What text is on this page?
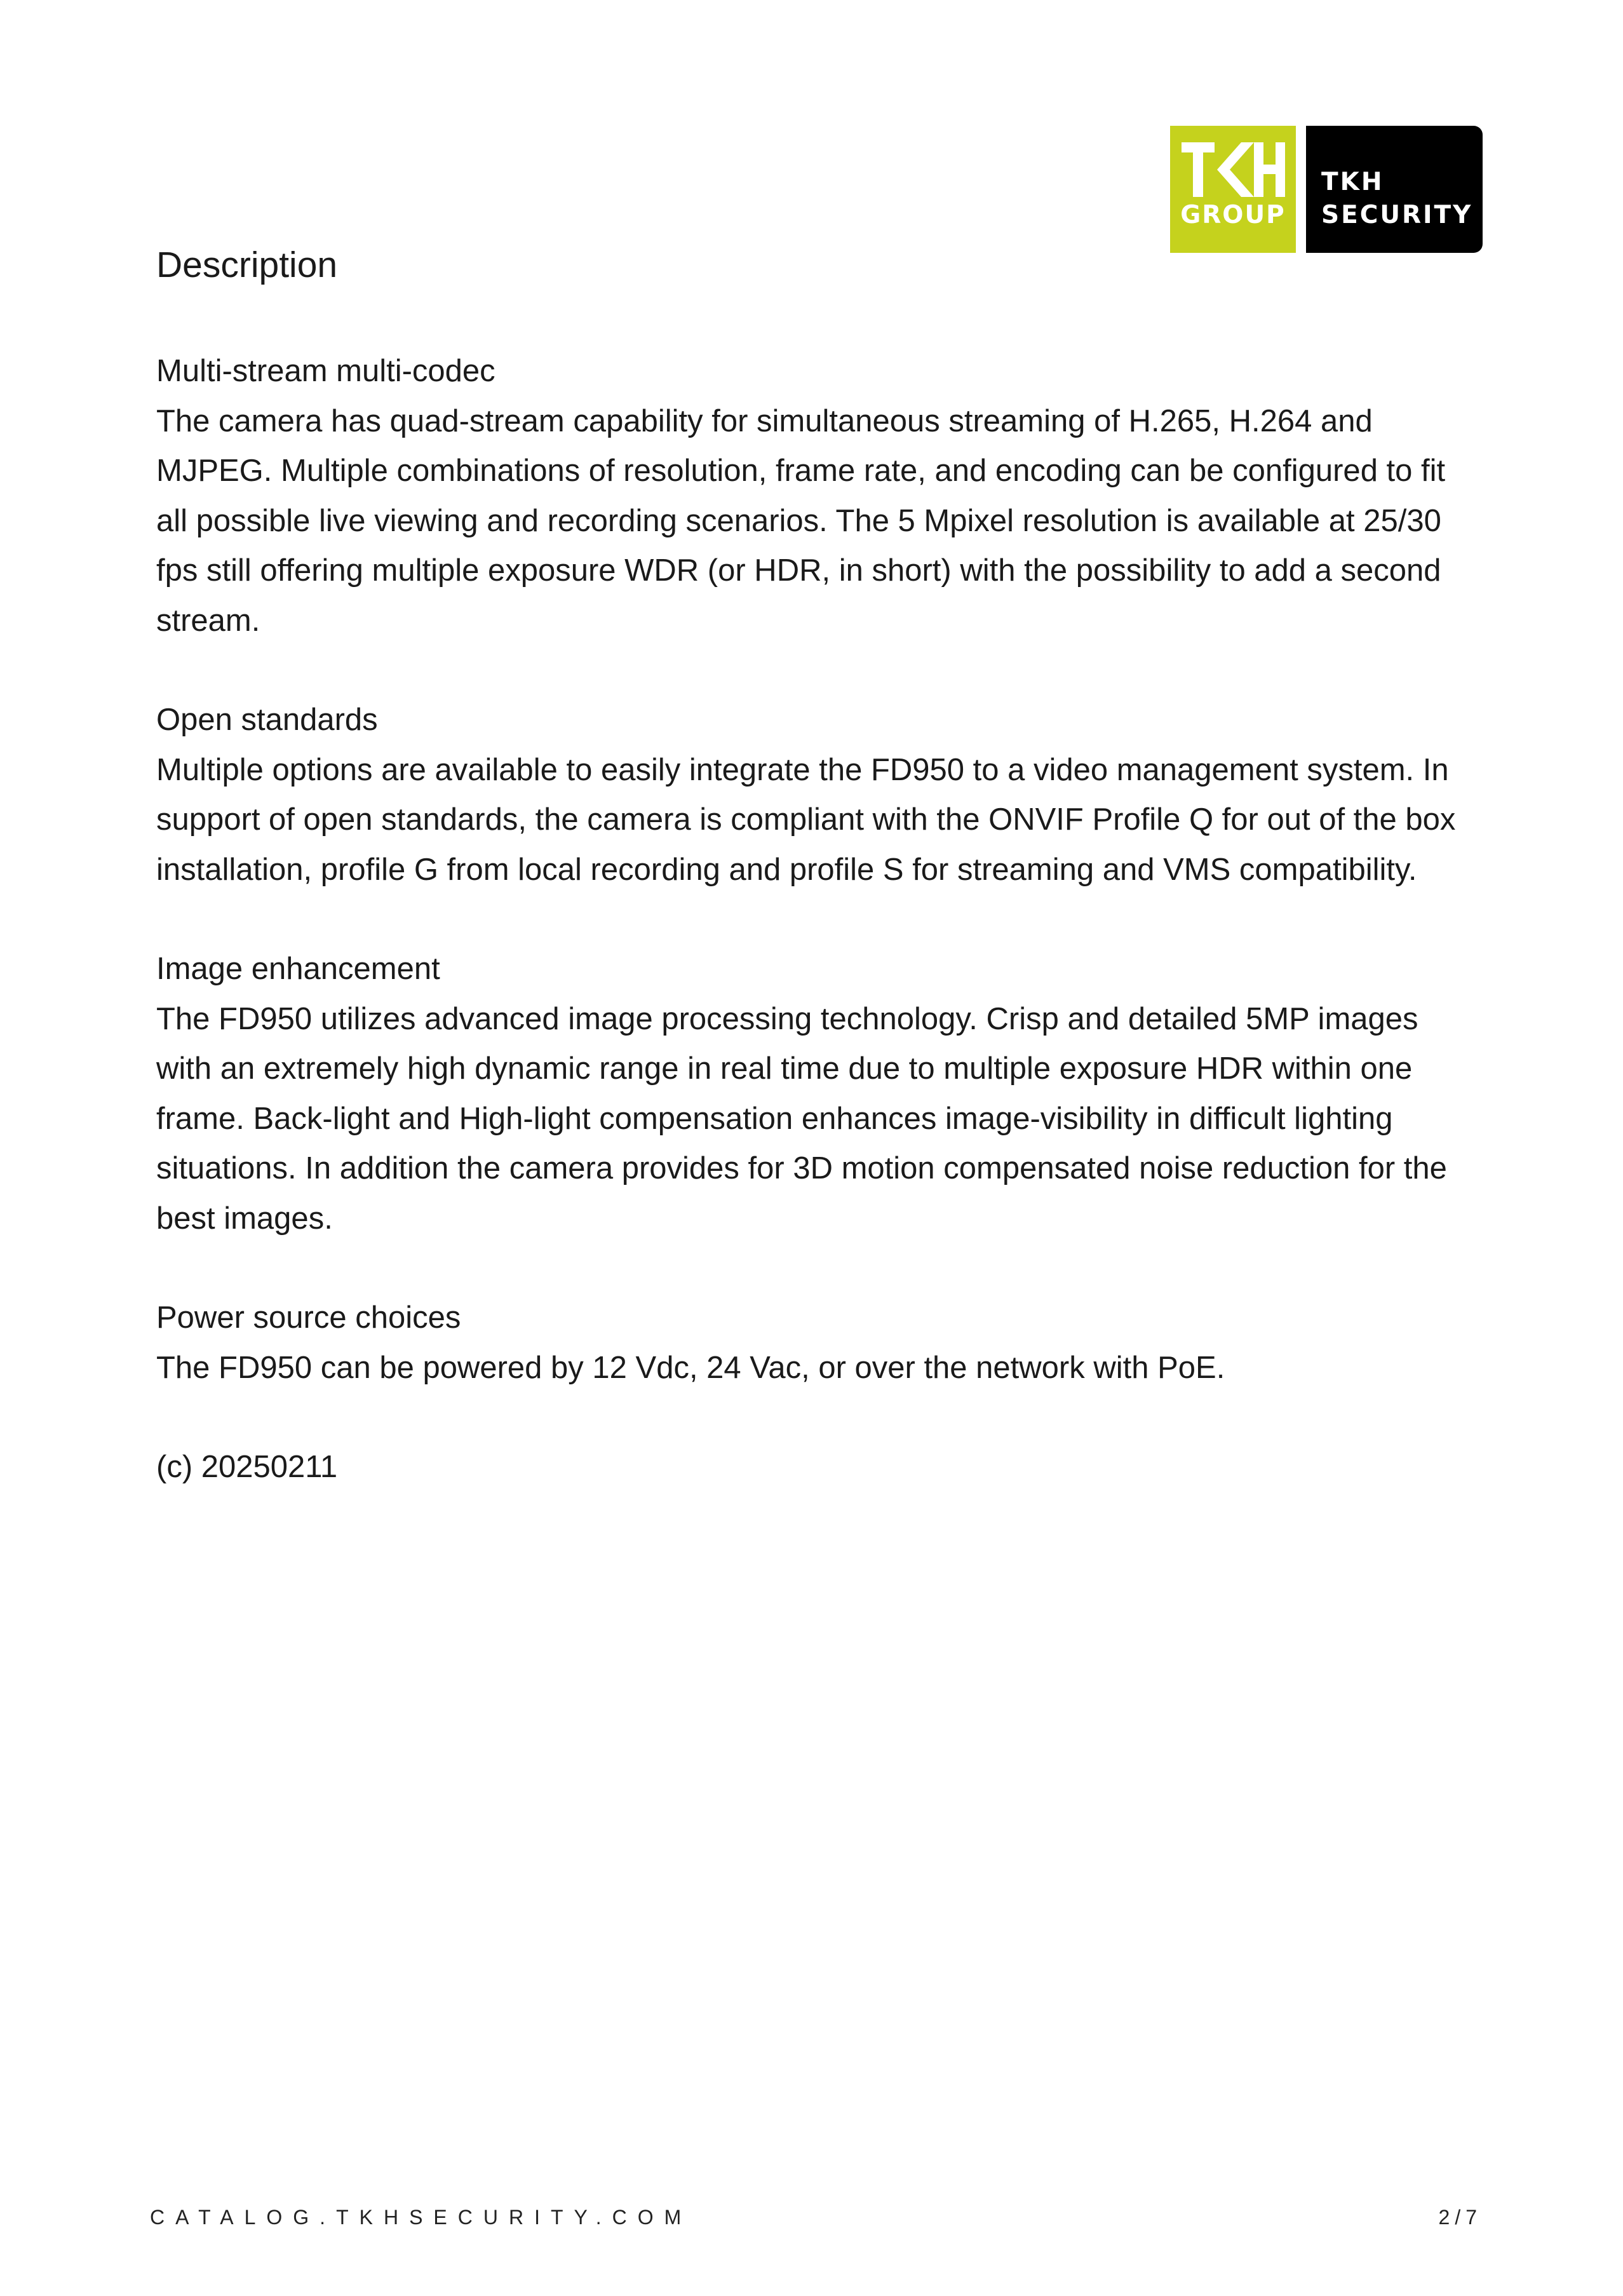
GROUP
TKH
SECURITY
Description

Multi-stream multi-codec

The camera has quad-stream capability for simultaneous streaming of H.265, H.264 and MJPEG. Multiple combinations of resolution, frame rate, and encoding can be configured to fit all possible live viewing and recording scenarios. The 5 Mpixel resolution is available at 25/30 fps still offering multiple exposure WDR (or HDR, in short) with the possibility to add a second stream.

Open standards

Multiple options are available to easily integrate the FD950 to a video management system. In support of open standards, the camera is compliant with the ONVIF Profile Q for out of the box installation, profile G from local recording and profile S for streaming and VMS compatibility.

Image enhancement

The FD950 utilizes advanced image processing technology. Crisp and detailed 5MP images with an extremely high dynamic range in real time due to multiple exposure HDR within one frame. Back-light and High-light compensation enhances image-visibility in difficult lighting situations. In addition the camera provides for 3D motion compensated noise reduction for the best images.

Power source choices

The FD950 can be powered by 12 Vdc, 24 Vac, or over the network with PoE.

(c) 20250211

CATALOG.TKHSECURITY.COM	2/7
